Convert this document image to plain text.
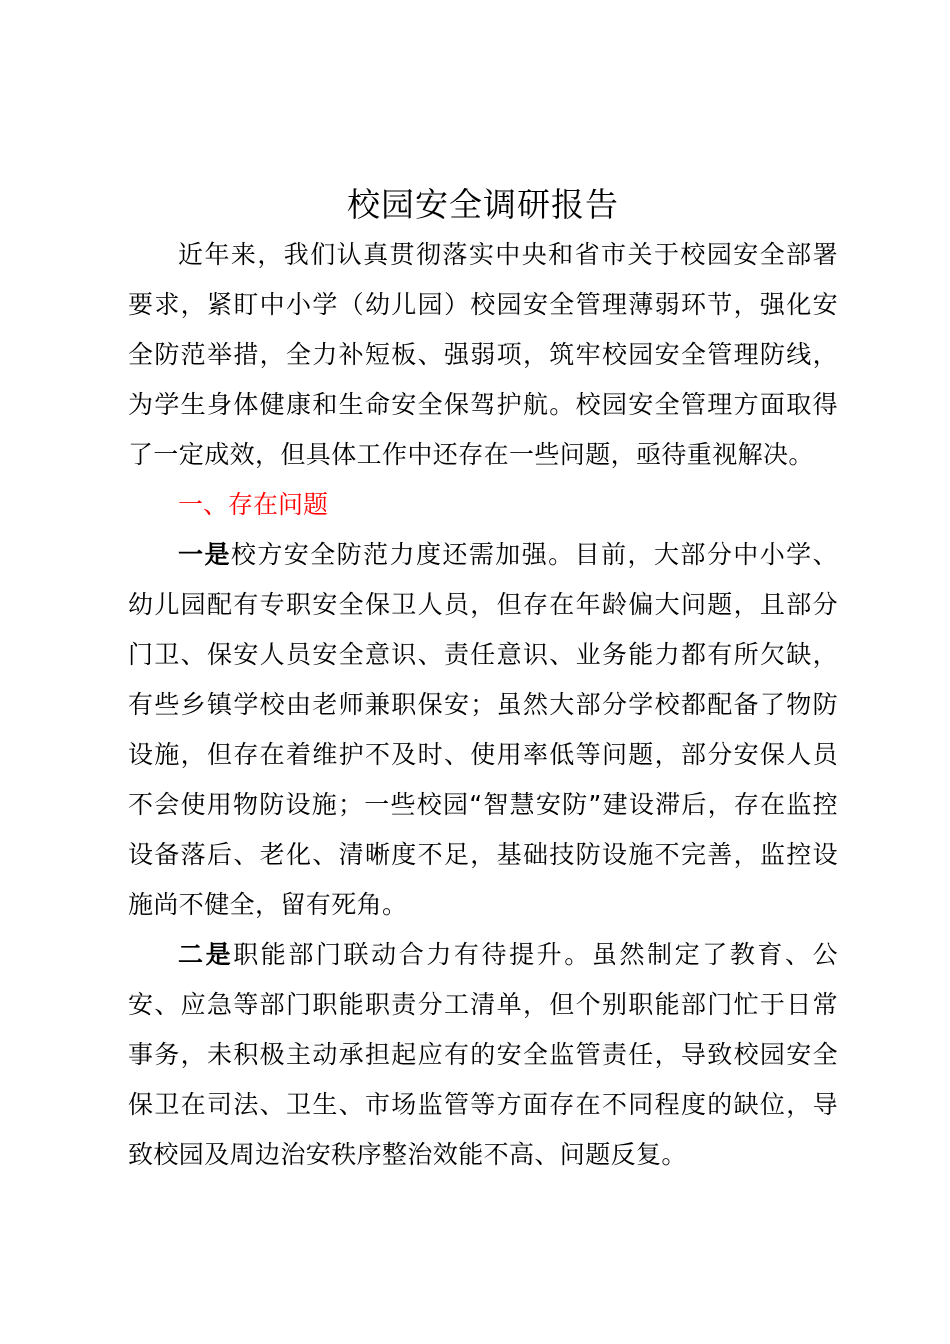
校园安全调研报告

近年来，我们认真贯彻落实中央和省市关于校园安全部署要求，紧盯中小学（幼儿园）校园安全管理薄弱环节，强化安全防范举措，全力补短板、强弱项，筑牢校园安全管理防线，为学生身体健康和生命安全保驾护航。校园安全管理方面取得了一定成效，但具体工作中还存在一些问题，亟待重视解决。

一、存在问题

一是校方安全防范力度还需加强。目前，大部分中小学、幼儿园配有专职安全保卫人员，但存在年龄偏大问题，且部分门卫、保安人员安全意识、责任意识、业务能力都有所欠缺，有些乡镇学校由老师兼职保安；虽然大部分学校都配备了物防设施，但存在着维护不及时、使用率低等问题，部分安保人员不会使用物防设施；一些校园“智慧安防”建设滞后，存在监控设备落后、老化、清晰度不足，基础技防设施不完善，监控设施尚不健全，留有死角。

二是职能部门联动合力有待提升。虽然制定了教育、公安、应急等部门职能职责分工清单，但个别职能部门忙于日常事务，未积极主动承担起应有的安全监管责任，导致校园安全保卫在司法、卫生、市场监管等方面存在不同程度的缺位，导致校园及周边治安秩序整治效能不高、问题反复。
